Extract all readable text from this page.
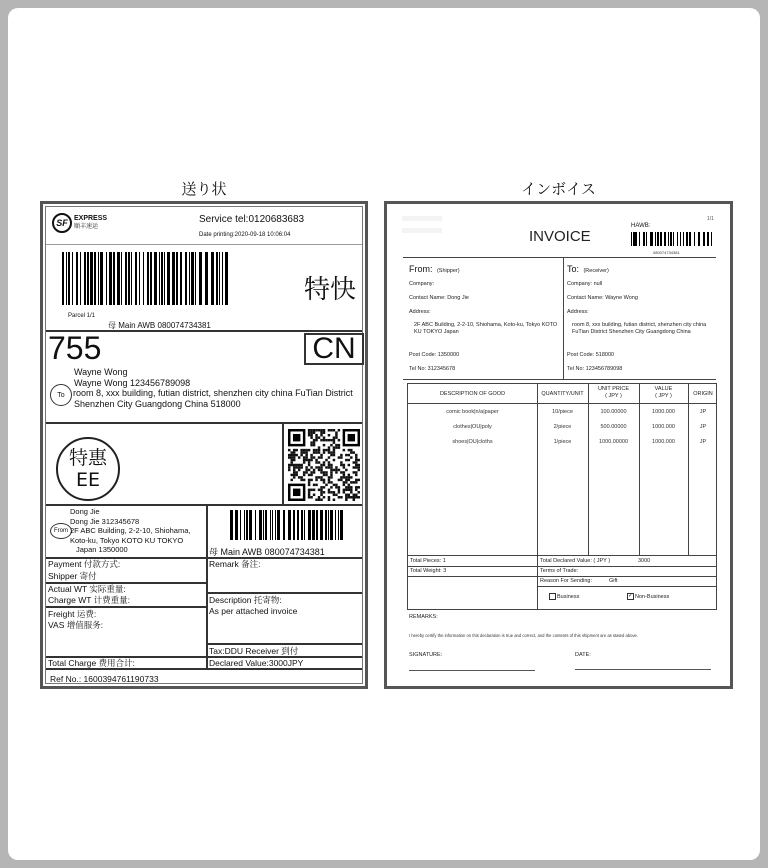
送り状	インボイス
SF EXPRESS
順丰速运
Service tel:0120683683
Date printing:2020-09-18 10:06:04
特快
Parcel 1/1
母 Main AWB 080074734381
755	CN
To
Wayne Wong
Wayne Wong 123456789098
room 8, xxx building, futian district, shenzhen city china FuTian District
Shenzhen City Guangdong China 518000
特惠
EE
From
Dong Jie
Dong Jie 312345678
2F ABC Building, 2-2-10, Shiohama,
Koto-ku, Tokyo KOTO KU TOKYO
Japan 1350000	母 Main AWB 080074734381
Payment 付款方式:
Shipper 寄付
Remark 备注:
Actual WT 实际重量:
Charge WT 计费重量:	Description 托寄物:
As per attached invoice
Freight 运费:
VAS 增值服务:
Tax:DDU Receiver 到付
Total Charge 费用合计:	Declared Value:3000JPY
Ref No.: 1600394761190733
1/1
INVOICE
HAWB:
080074734381
From: (Shipper)
Company:
Contact Name: Dong Jie
Address:
2F ABC Building, 2-2-10, Shiohama, Koto-ku, Tokyo KOTO KU TOKYO Japan
Post Code: 1350000
Tel No: 312345678
To: (Receiver)
Company: null
Contact Name: Wayne Wong
Address:
room 8, xxx building, futian district, shenzhen city china FuTian District Shenzhen City Guangdong China
Post Code: 518000
Tel No: 123456789098
DESCRIPTION OF GOOD	QUANTITY/UNIT
UNIT PRICE
( JPY )
VALUE
( JPY )	ORIGIN
comic book|n/a|paper	10/piece	100.00000	1000.000	JP
clothes|OU|poly	2/piece	500.00000	1000.000	JP
shoes|OU|cloths	1/piece	1000.00000	1000.000	JP
Total Pieces: 1
Total Weight: 3
Total Declared Value: ( JPY )	3000
Terms of Trade:
Reason For Sending:	Gift
Business	✓ Non-Business
REMARKS:
I hereby certify the information on this declaration is true and correct, and the contents of this shipment are as stated above.
SIGNATURE:	DATE:
